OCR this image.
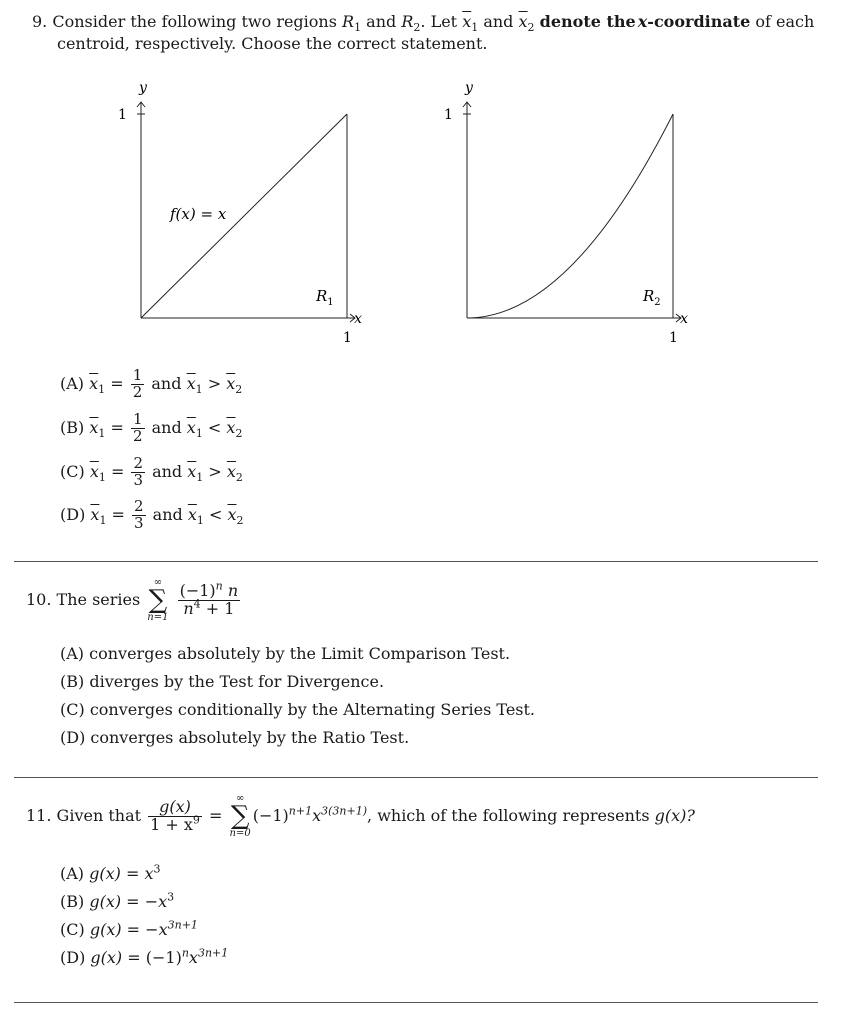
9. Consider the following two regions $R_1$ and $R_2$. Let $\overline{x}_1$ and $\overline{x}_2$ denote the x-coordinate of each
centroid, respectively. Choose the correct statement.
y
1
x
1
f(x) = x
$R_1$
y
1
x
1
$R_2$
(A) $\overline{x}_1 = \frac{1}{2}$ and $\overline{x}_1 > \overline{x}_2$
(B) $\overline{x}_1 = \frac{1}{2}$ and $\overline{x}_1 < \overline{x}_2$
(C) $\overline{x}_1 = \frac{2}{3}$ and $\overline{x}_1 > \overline{x}_2$
(D) $\overline{x}_1 = \frac{2}{3}$ and $\overline{x}_1 < \overline{x}_2$
10. The series
∞
∑
n=1
$\frac{(-1)^n n}{n^4 + 1}$
(A) converges absolutely by the Limit Comparison Test.
(B) diverges by the Test for Divergence.
(C) converges conditionally by the Alternating Series Test.
(D) converges absolutely by the Ratio Test.
11. Given that $\frac{g(x)}{1 + x^9}$ =
∞
∑
n=0
$(-1)^{n+1}x^{3(3n+1)}$, which of the following represents g(x)?
(A) $g(x) = x^3$
(B) $g(x) = -x^3$
(C) $g(x) = -x^{3n+1}$
(D) $g(x) = (-1)^nx^{3n+1}$
